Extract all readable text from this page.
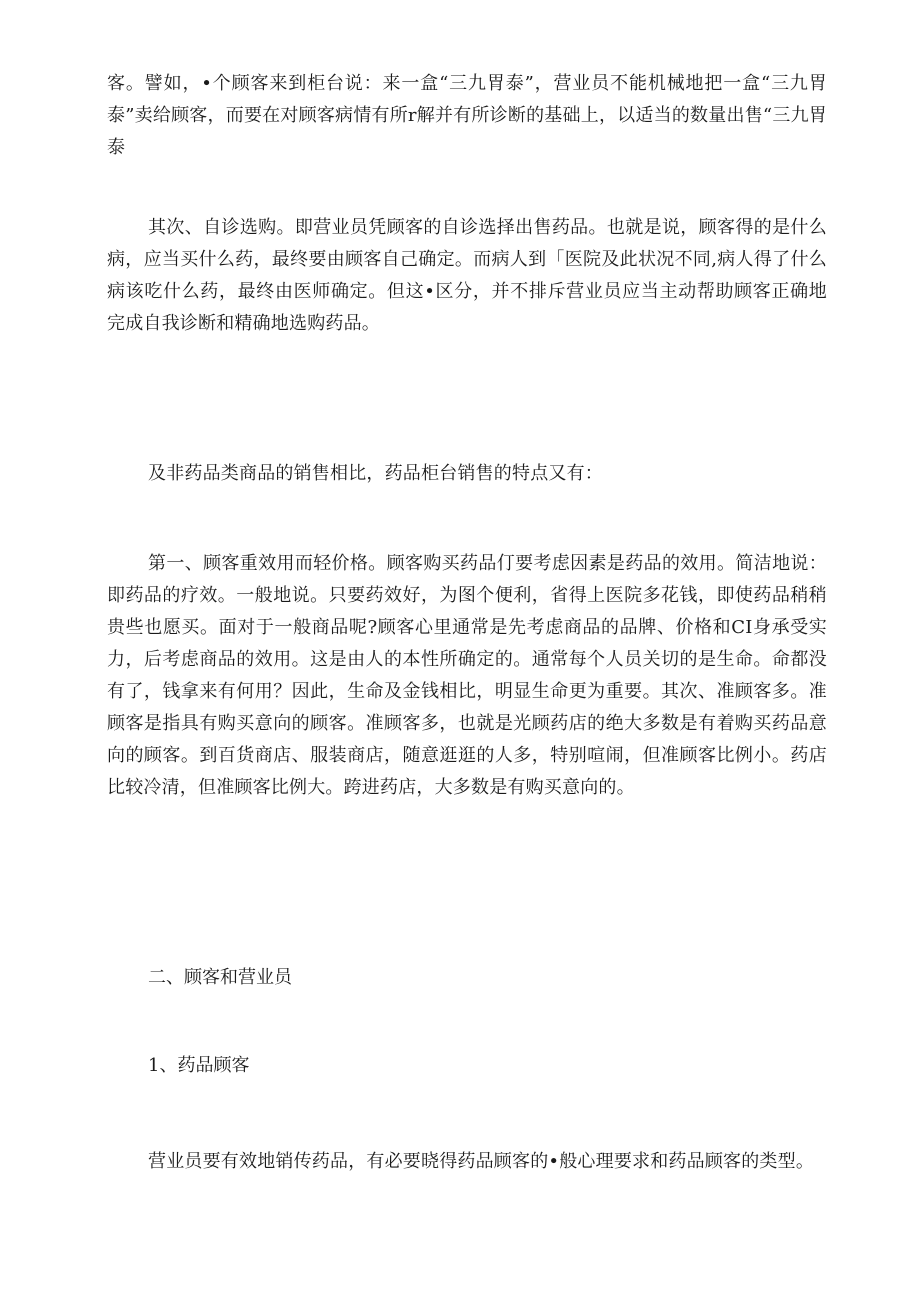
客。譬如，•个顾客来到柜台说：来一盒“三九胃泰”，营业员不能机械地把一盒“三九胃泰”卖给顾客，而要在对顾客病情有所r解并有所诊断的基础上，以适当的数量出售“三九胃泰

其次、自诊选购。即营业员凭顾客的自诊选择出售药品。也就是说，顾客得的是什么病，应当买什么药，最终要由顾客自己确定。而病人到「医院及此状况不同,病人得了什么病该吃什么药，最终由医师确定。但这•区分，并不排斥营业员应当主动帮助顾客正确地完成自我诊断和精确地选购药品。

及非药品类商品的销售相比，药品柜台销售的特点又有：

第一、顾客重效用而轻价格。顾客购买药品仃要考虑因素是药品的效用。简洁地说：即药品的疗效。一般地说。只要药效好，为图个便利，省得上医院多花钱，即使药品稍稍贵些也愿买。面对于一般商品呢?顾客心里通常是先考虑商品的品牌、价格和CI身承受实力，后考虑商品的效用。这是由人的本性所确定的。通常每个人员关切的是生命。命都没有了，钱拿来有何用？因此，生命及金钱相比，明显生命更为重要。其次、准顾客多。准顾客是指具有购买意向的顾客。准顾客多，也就是光顾药店的绝大多数是有着购买药品意向的顾客。到百货商店、服装商店，随意逛逛的人多，特别喧闹，但准顾客比例小。药店比较冷清，但准顾客比例大。跨进药店，大多数是有购买意向的。

二、顾客和营业员
1、药品顾客

营业员要有效地销传药品，有必要晓得药品顾客的•般心理要求和药品顾客的类型。
